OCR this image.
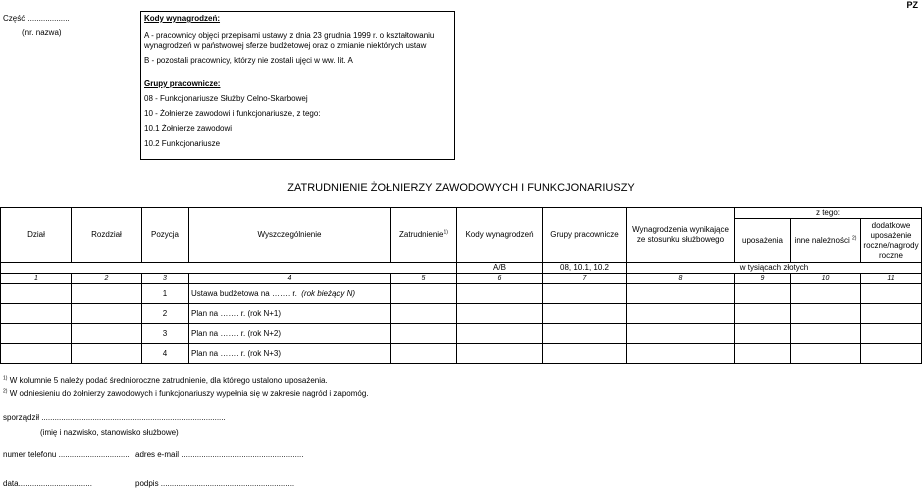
PZ
Część ...................
(nr. nazwa)
Kody wynagrodzeń:
A - pracownicy objęci przepisami ustawy z dnia 23 grudnia 1999 r. o kształtowaniu
wynagrodzeń w państwowej sferze budżetowej oraz o zmianie niektórych ustaw
B - pozostali pracownicy, którzy nie zostali ujęci w ww. lit. A
Grupy pracownicze:
08 - Funkcjonariusze Służby Celno-Skarbowej
10 - Żołnierze zawodowi i funkcjonariusze, z tego:
10.1 Żołnierze zawodowi
10.2 Funkcjonariusze
ZATRUDNIENIE ŻOŁNIERZY ZAWODOWYCH I FUNKCJONARIUSZY
Dział	Rozdział	Pozycja	Wyszczególnienie	Zatrudnienie$^{1)}$	Kody wynagrodzeń	Grupy pracownicze	Wynagrodzenia wynikające ze stosunku służbowego	z tego:		
								uposażenia	inne należności $^{2)}$	dodatkowe uposażenie roczne/nagrody roczne
					A/B	08, 10.1, 10.2	w tysiącach złotych			
1	2	3	4	5	6	7	8	9	10	11
		1	Ustawa budżetowa na ……. r. (rok bieżący N)							
		2	Plan na ……. r. (rok N+1)							
		3	Plan na ……. r. (rok N+2)							
		4	Plan na ……. r. (rok N+3)							
$^{1)}$ W kolumnie 5 należy podać średnioroczne zatrudnienie, dla którego ustalono uposażenia.
$^{2)}$ W odniesieniu do żołnierzy zawodowych i funkcjonariuszy wypełnia się w zakresie nagród i zapomóg.
sporządził ...................................................................................
(imię i nazwisko, stanowisko służbowe)
numer telefonu ................................ adres e-mail .......................................................
data.................................	podpis ............................................................
